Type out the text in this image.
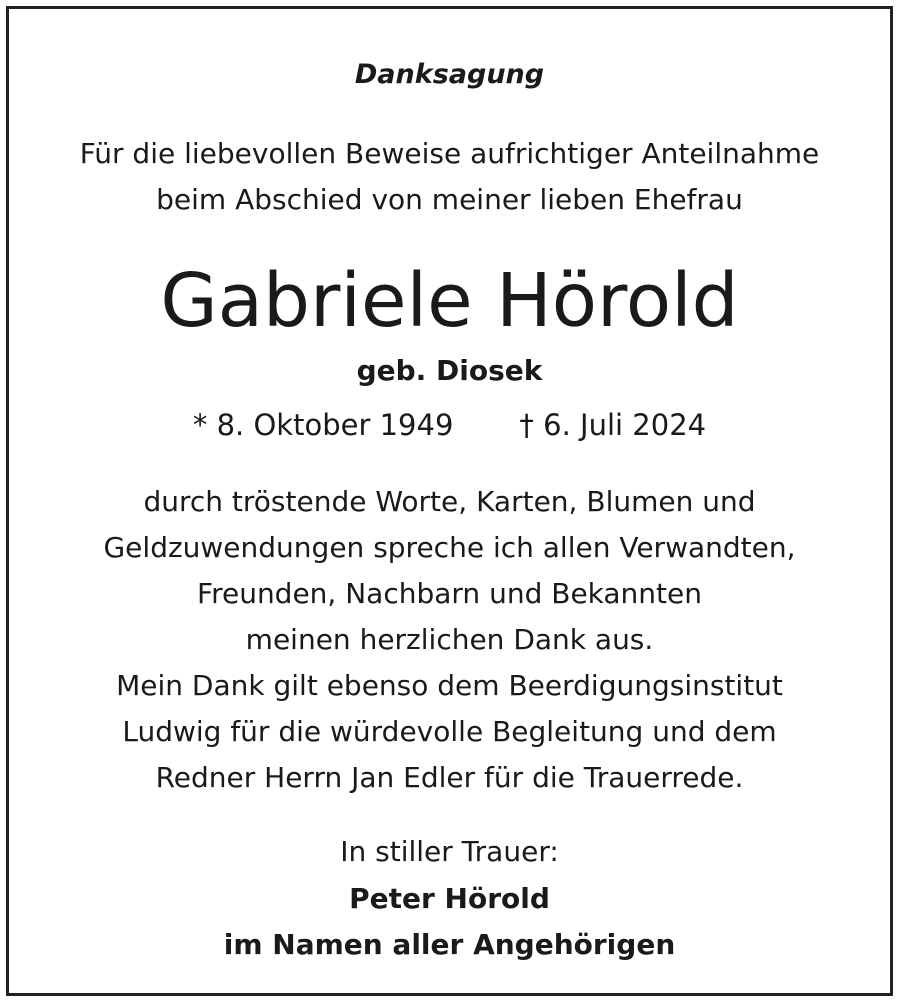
Danksagung
Für die liebevollen Beweise aufrichtiger Anteilnahme
beim Abschied von meiner lieben Ehefrau
Gabriele Hörold
geb. Diosek
* 8. Oktober 1949 † 6. Juli 2024
durch tröstende Worte, Karten, Blumen und
Geldzuwendungen spreche ich allen Verwandten,
Freunden, Nachbarn und Bekannten
meinen herzlichen Dank aus.
Mein Dank gilt ebenso dem Beerdigungsinstitut
Ludwig für die würdevolle Begleitung und dem
Redner Herrn Jan Edler für die Trauerrede.
In stiller Trauer:
Peter Hörold
im Namen aller Angehörigen
